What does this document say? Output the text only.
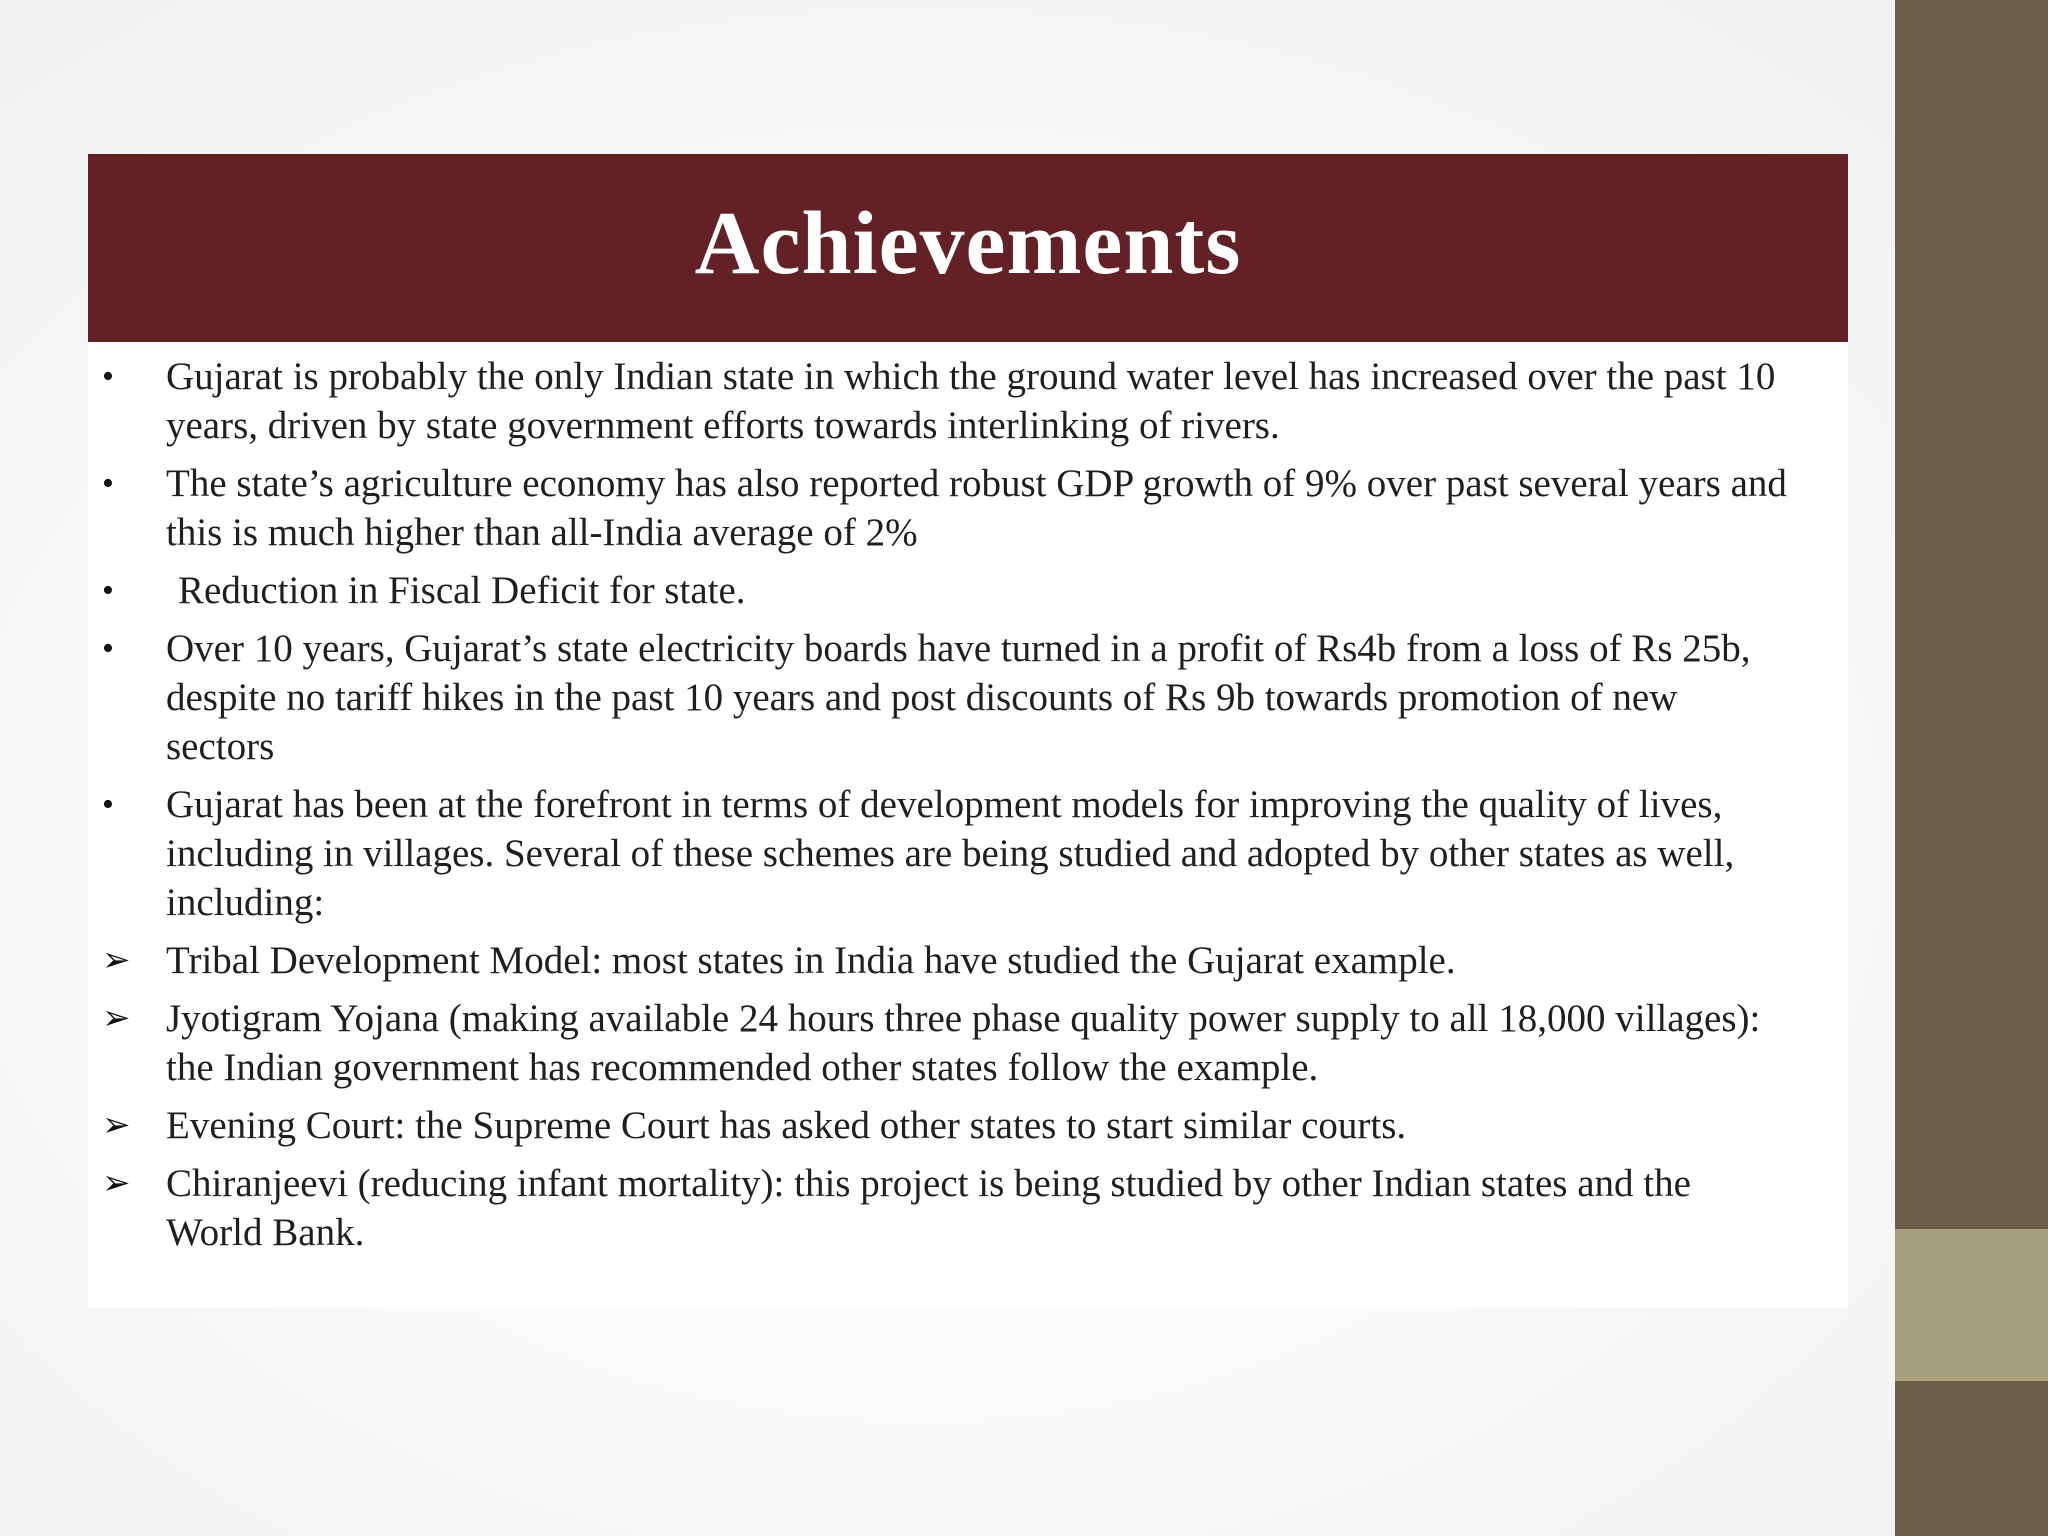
Achievements
•	Gujarat is probably the only Indian state in which the ground water level has increased over the past 10 years, driven by state government efforts towards interlinking of rivers.
•	The state’s agriculture economy has also reported robust GDP growth of 9% over past several years and this is much higher than all-India average of 2%
•	Reduction in Fiscal Deficit for state.
•	Over 10 years, Gujarat’s state electricity boards have turned in a profit of Rs4b from a loss of Rs 25b, despite no tariff hikes in the past 10 years and post discounts of Rs 9b towards promotion of new sectors
•	Gujarat has been at the forefront in terms of development models for improving the quality of lives, including in villages. Several of these schemes are being studied and adopted by other states as well, including:
➢ Tribal Development Model: most states in India have studied the Gujarat example.
➢ Jyotigram Yojana (making available 24 hours three phase quality power supply to all 18,000 villages): the Indian government has recommended other states follow the example.
➢ Evening Court: the Supreme Court has asked other states to start similar courts.
➢ Chiranjeevi (reducing infant mortality): this project is being studied by other Indian states and the World Bank.
